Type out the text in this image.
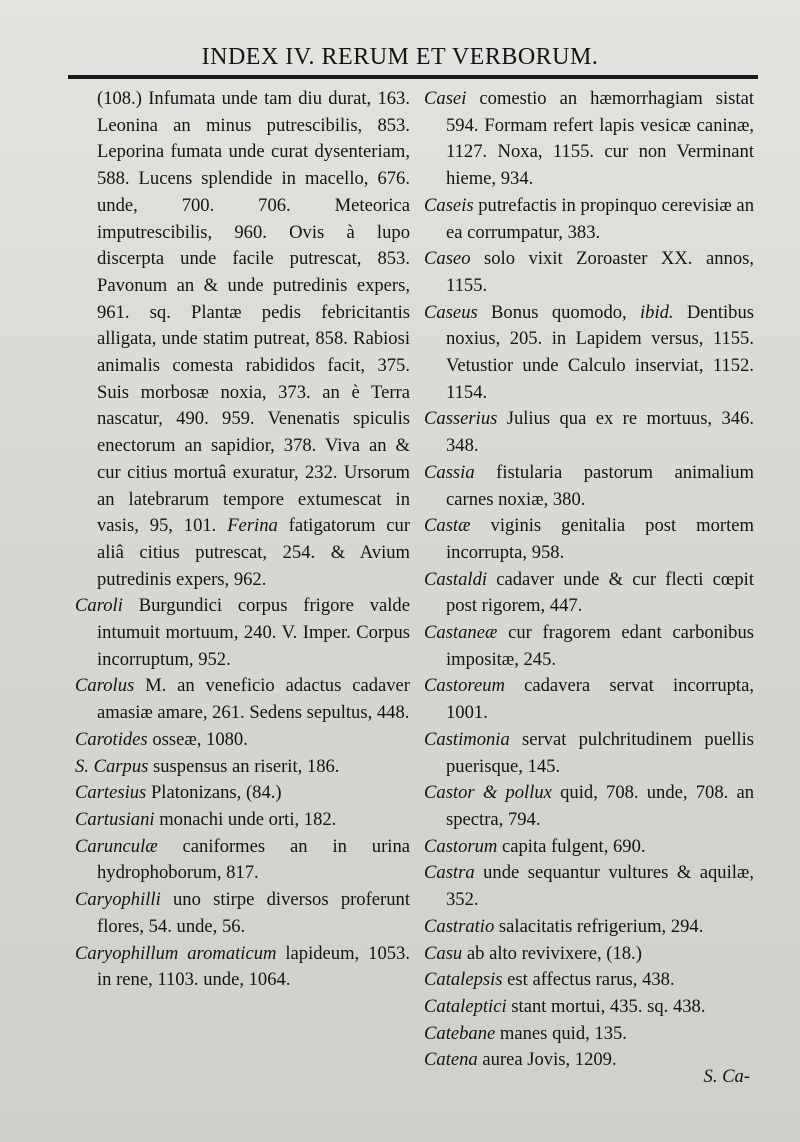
INDEX IV. RERUM ET VERBORUM.

(108.) Infumata unde tam diu durat, 163. Leonina an minus putrescibilis, 853. Leporina fumata unde curat dysenteriam, 588. Lucens splendide in macello, 676. unde, 700. 706. Meteorica imputrescibilis, 960. Ovis à lupo discerpta unde facile putrescat, 853. Pavonum an & unde putredinis expers, 961. sq. Plantæ pedis febricitantis alligata, unde statim putreat, 858. Rabiosi animalis comesta rabididos facit, 375. Suis morbosæ noxia, 373. an è Terra nascatur, 490. 959. Venenatis spiculis enectorum an sapidior, 378. Viva an & cur citius mortuâ exuratur, 232. Ursorum an latebrarum tempore extumescat in vasis, 95, 101. Ferina fatigatorum cur aliâ citius putrescat, 254. & Avium putredinis expers, 962.

Caroli Burgundici corpus frigore valde intumuit mortuum, 240. V. Imper. Corpus incorruptum, 952.

Carolus M. an veneficio adactus cadaver amasiæ amare, 261. Sedens sepultus, 448.

Carotides osseæ, 1080.

S. Carpus suspensus an riserit, 186.

Cartesius Platonizans, (84.)

Cartusiani monachi unde orti, 182.

Carunculæ caniformes an in urina hydrophoborum, 817.

Caryophilli uno stirpe diversos proferunt flores, 54. unde, 56.

Caryophillum aromaticum lapideum, 1053. in rene, 1103. unde, 1064.

Casei comestio an hæmorrhagiam sistat 594. Formam refert lapis vesicæ caninæ, 1127. Noxa, 1155. cur non Verminant hieme, 934.

Caseis putrefactis in propinquo cerevisiæ an ea corrumpatur, 383.

Caseo solo vixit Zoroaster XX. annos, 1155.

Caseus Bonus quomodo, ibid. Dentibus noxius, 205. in Lapidem versus, 1155. Vetustior unde Calculo inserviat, 1152. 1154.

Casserius Julius qua ex re mortuus, 346. 348.

Cassia fistularia pastorum animalium carnes noxiæ, 380.

Castæ viginis genitalia post mortem incorrupta, 958.

Castaldi cadaver unde & cur flecti cœpit post rigorem, 447.

Castaneæ cur fragorem edant carbonibus impositæ, 245.

Castoreum cadavera servat incorrupta, 1001.

Castimonia servat pulchritudinem puellis puerisque, 145.

Castor & pollux quid, 708. unde, 708. an spectra, 794.

Castorum capita fulgent, 690.

Castra unde sequantur vultures & aquilæ, 352.

Castratio salacitatis refrigerium, 294.

Casu ab alto revivixere, (18.)

Catalepsis est affectus rarus, 438.

Cataleptici stant mortui, 435. sq. 438.

Catebane manes quid, 135.

Catena aurea Jovis, 1209.

S. Ca-
